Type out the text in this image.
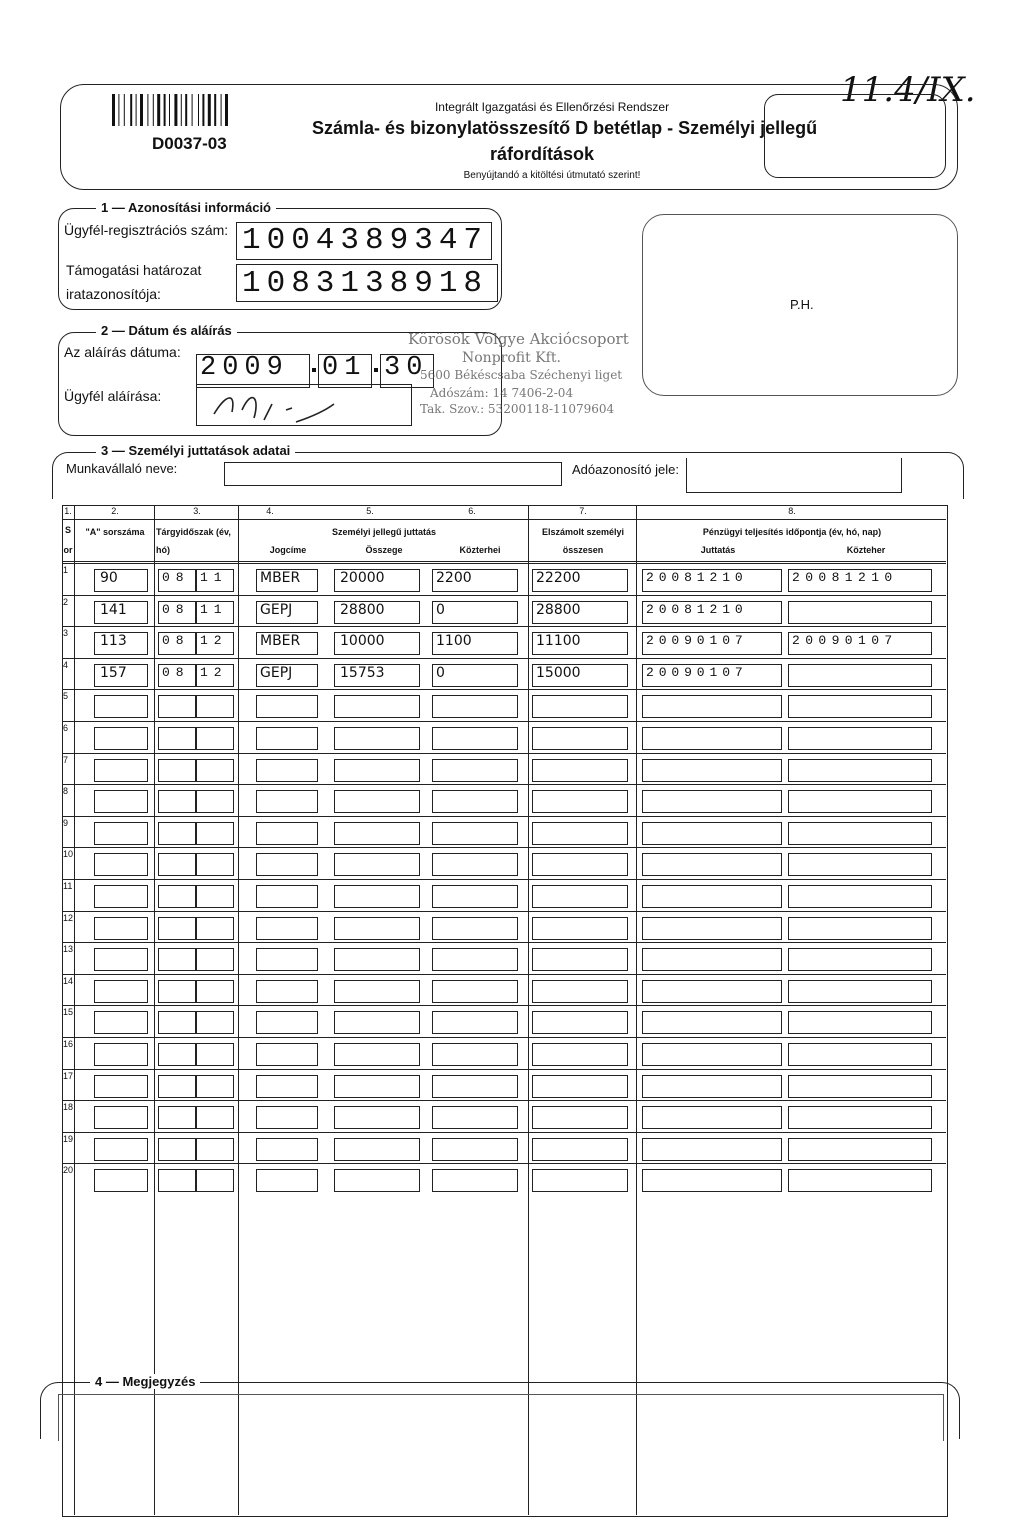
11.4/IX.
D0037-03
Integrált Igazgatási és Ellenőrzési Rendszer
Számla- és bizonylatösszesítő D betétlap - Személyi jellegű
ráfordítások
Benyújtandó a kitöltési útmutató szerint!
1 — Azonosítási információ
Ügyfél-regisztrációs szám: 1004389347
Támogatási határozat
iratazonosítója:	1083138918
P.H.
2 — Dátum és aláírás
Az aláírás dátuma:
2009 01 30
Ügyfél aláírása:
Körösök Völgye Akciócsoport
Nonprofit Kft.
5600 Békéscsaba Széchenyi liget
Adószám: 14 7406-2-04
Tak. Szov.: 53200118-11079604
3 — Személyi juttatások adatai
Munkavállaló neve:	Adóazonosító jele:
1.	2.	3.	4.	5.	6.	7.	8.
S
or
"A" sorszáma	Tárgyidőszak (év,
hó)
Személyi jellegű juttatás
Jogcíme	Összege	Közterhei
Elszámolt személyi
összesen
Pénzügyi teljesítés időpontja (év, hó, nap)
Juttatás	Közteher
1 90	08 11 MBER	20000	2200	22200	20081210	20081210
2 141	08 11 GEPJ	28800	0	28800	20081210
3 113	08 12 MBER	10000	1100	11100	20090107	20090107
4 157	08 12 GEPJ	15753	0	15000	20090107
5
6
7
8
9
10
11
12
13
14
15
16
17
18
19
20
4 — Megjegyzés
